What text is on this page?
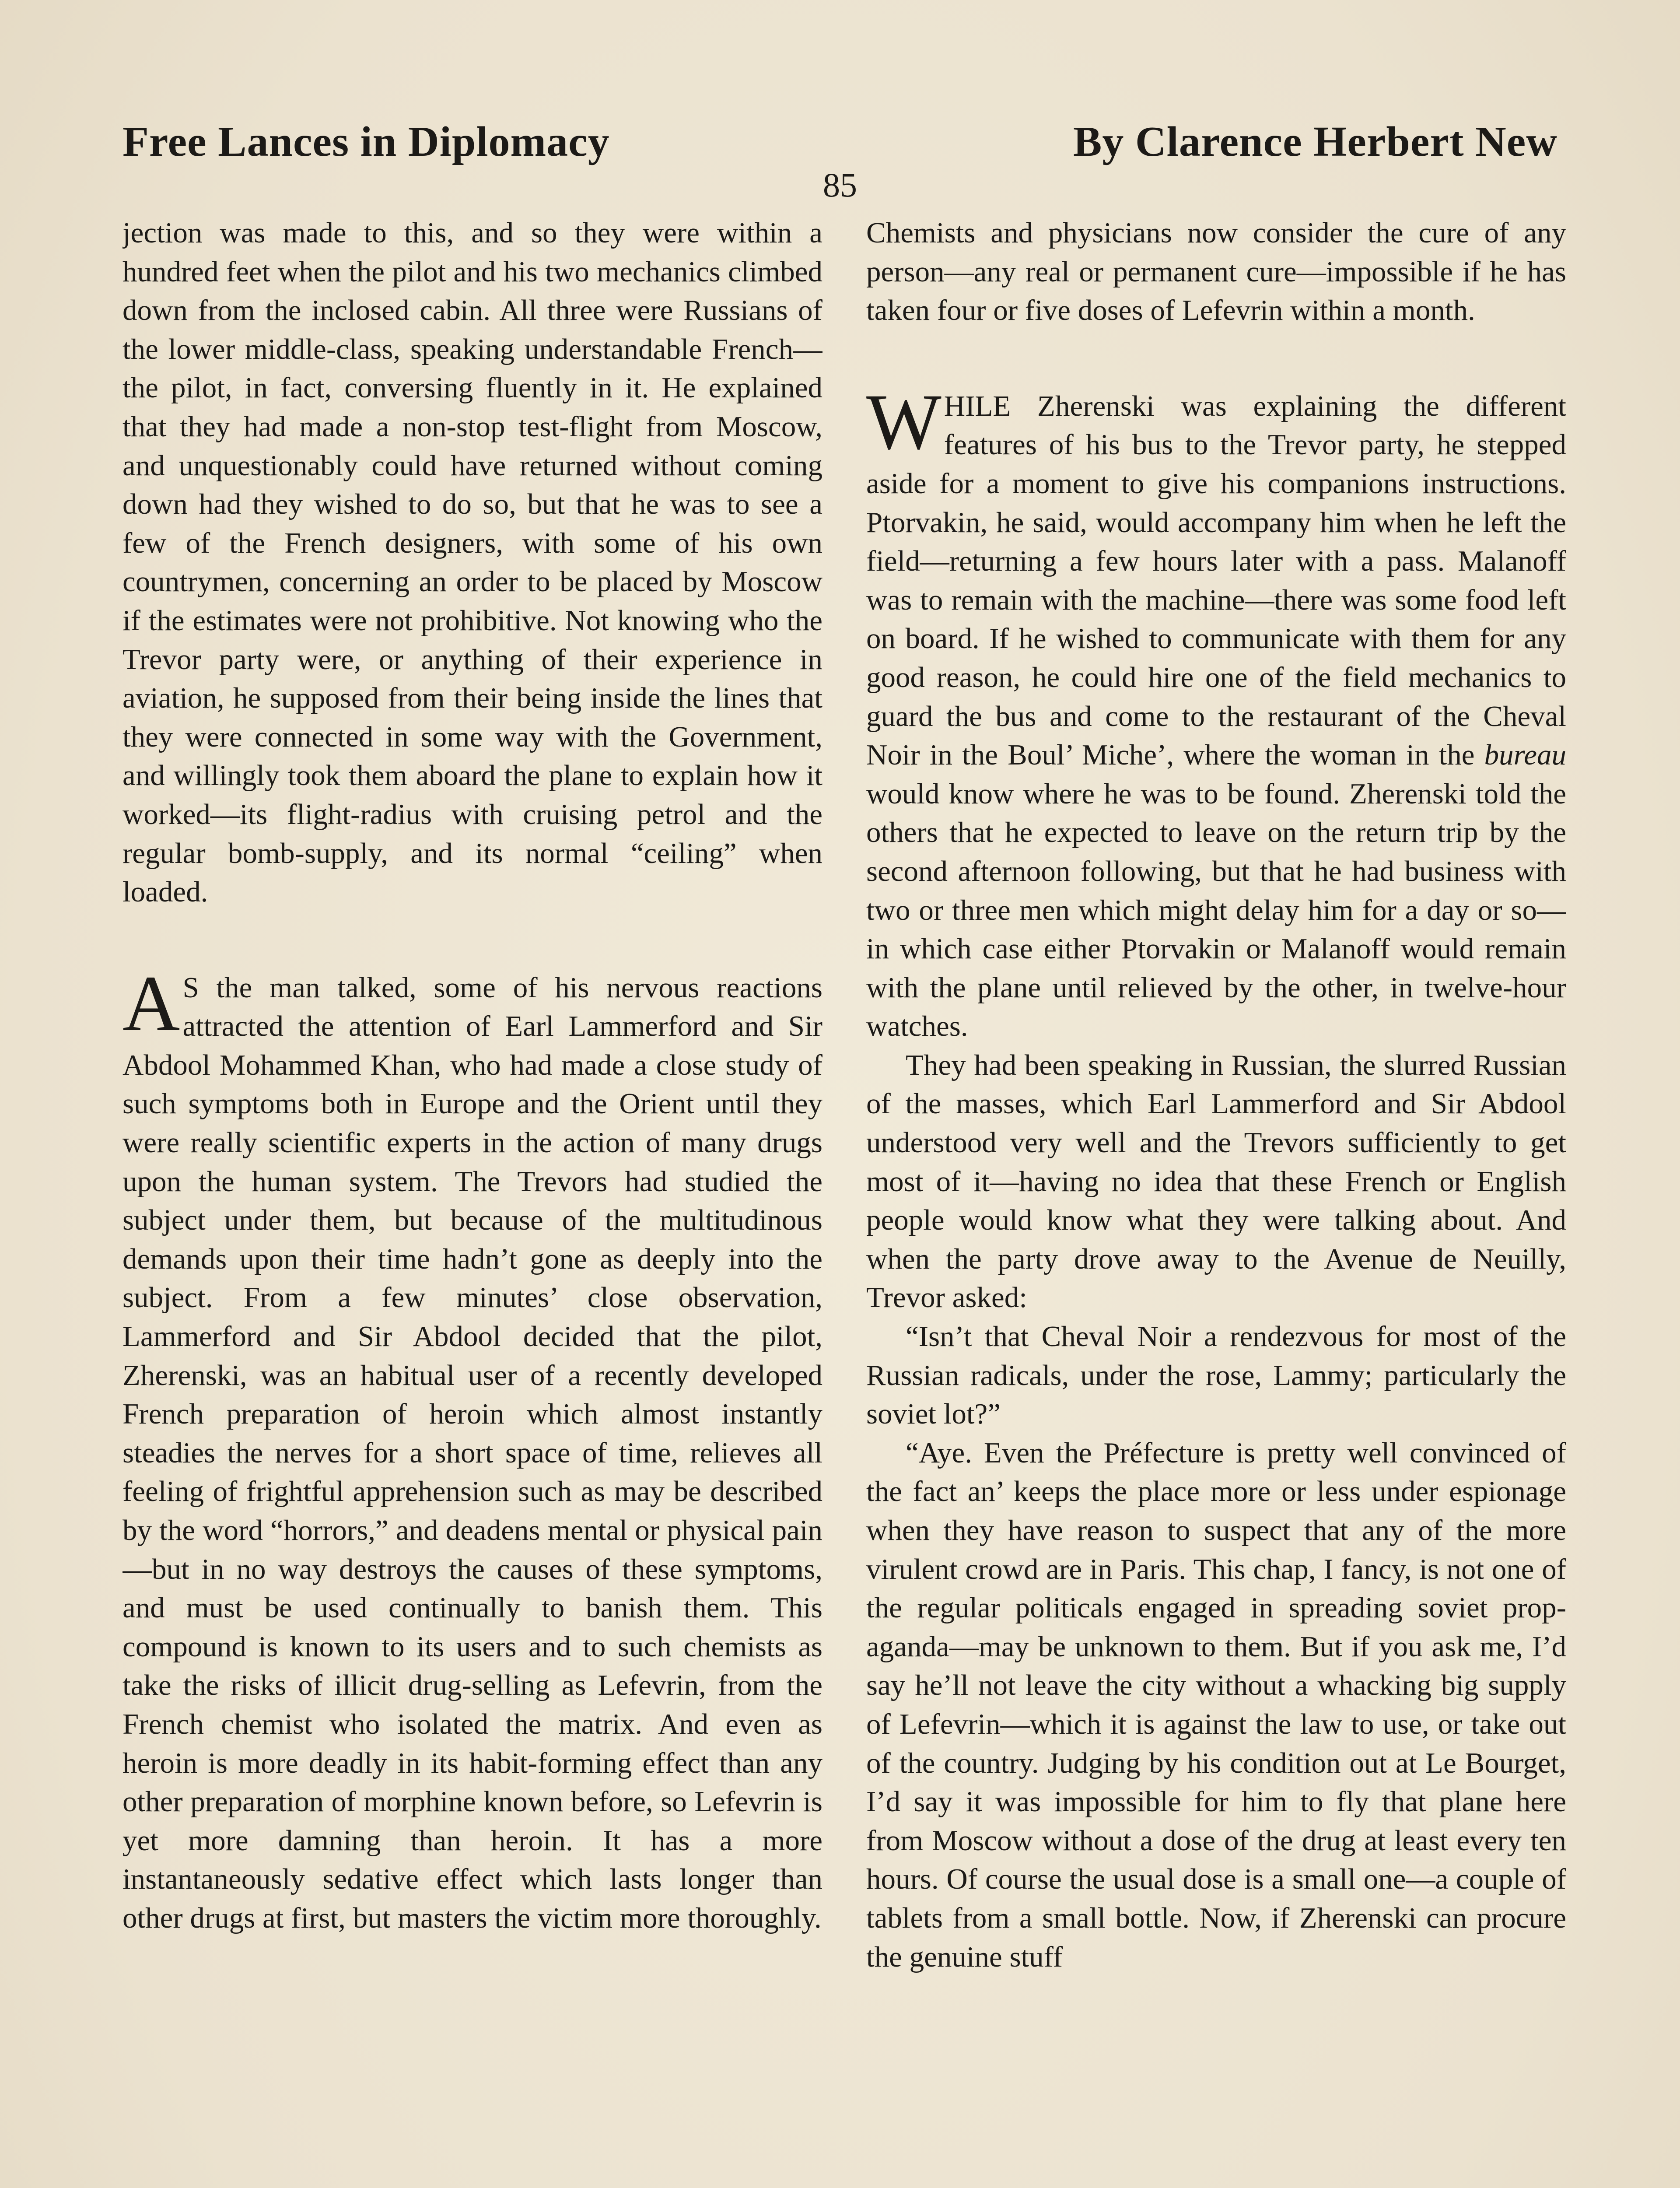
Free Lances in Diplomacy	By Clarence Herbert New
85

jection was made to this, and so they were within a hundred feet when the pilot and his two mechanics climbed down from the inclosed cabin. All three were Russians of the lower middle-class, speaking understandable French—the pilot, in fact, conversing fluently in it. He explained that they had made a non-stop test-flight from Moscow, and unquestionably could have returned without coming down had they wished to do so, but that he was to see a few of the French designers, with some of his own countrymen, concerning an order to be placed by Moscow if the estimates were not prohibitive. Not knowing who the Trevor party were, or anything of their experience in aviation, he supposed from their being inside the lines that they were connected in some way with the Government, and willingly took them aboard the plane to explain how it worked—its flight-radius with cruising petrol and the regular bomb-supply, and its normal “ceiling” when loaded.

A S the man talked, some of his nervous reactions attracted the attention of Earl Lammerford and Sir Abdool Mohammed Khan, who had made a close study of such symptoms both in Europe and the Orient until they were really scientific experts in the action of many drugs upon the human system. The Trevors had studied the subject under them, but because of the multitudinous demands upon their time hadn’t gone as deeply into the subject. From a few minutes’ close observation, Lammerford and Sir Abdool decided that the pilot, Zherenski, was an habitual user of a recently developed French preparation of heroin which almost instantly steadies the nerves for a short space of time, relieves all feeling of frightful apprehension such as may be described by the word “horrors,” and deadens mental or physical pain—but in no way destroys the causes of these symptoms, and must be used continually to banish them. This compound is known to its users and to such chemists as take the risks of illicit drug-selling as Lefevrin, from the French chemist who isolated the matrix. And even as heroin is more deadly in its habit-forming effect than any other preparation of morphine known before, so Lefevrin is yet more damning than heroin. It has a more instantaneously sedative effect which lasts longer than other drugs at first, but masters the victim more thoroughly.

Chemists and physicians now consider the cure of any person—any real or permanent cure—impossible if he has taken four or five doses of Lefevrin within a month.

WHILE Zherenski was explaining the different features of his bus to the Trevor party, he stepped aside for a moment to give his companions instructions. Ptorvakin, he said, would accompany him when he left the field—returning a few hours later with a pass. Malanoff was to remain with the machine—there was some food left on board. If he wished to communicate with them for any good reason, he could hire one of the field mechanics to guard the bus and come to the restaurant of the Cheval Noir in the Boul’ Miche’, where the woman in the bureau would know where he was to be found. Zherenski told the others that he expected to leave on the return trip by the second afternoon following, but that he had business with two or three men which might delay him for a day or so—in which case either Ptorvakin or Malanoff would remain with the plane until relieved by the other, in twelve-hour watches.

They had been speaking in Russian, the slurred Russian of the masses, which Earl Lammerford and Sir Abdool understood very well and the Trevors sufficiently to get most of it—having no idea that these French or English people would know what they were talking about. And when the party drove away to the Avenue de Neuilly, Trevor asked:

“Isn’t that Cheval Noir a rendezvous for most of the Russian radicals, under the rose, Lammy; particularly the soviet lot?”

“Aye. Even the Préfecture is pretty well convinced of the fact an’ keeps the place more or less under espionage when they have reason to suspect that any of the more virulent crowd are in Paris. This chap, I fancy, is not one of the regular politicals engaged in spreading soviet propaganda—may be unknown to them. But if you ask me, I’d say he’ll not leave the city without a whacking big supply of Lefevrin—which it is against the law to use, or take out of the country. Judging by his condition out at Le Bourget, I’d say it was impossible for him to fly that plane here from Moscow without a dose of the drug at least every ten hours. Of course the usual dose is a small one—a couple of tablets from a small bottle. Now, if Zherenski can procure the genuine stuff
